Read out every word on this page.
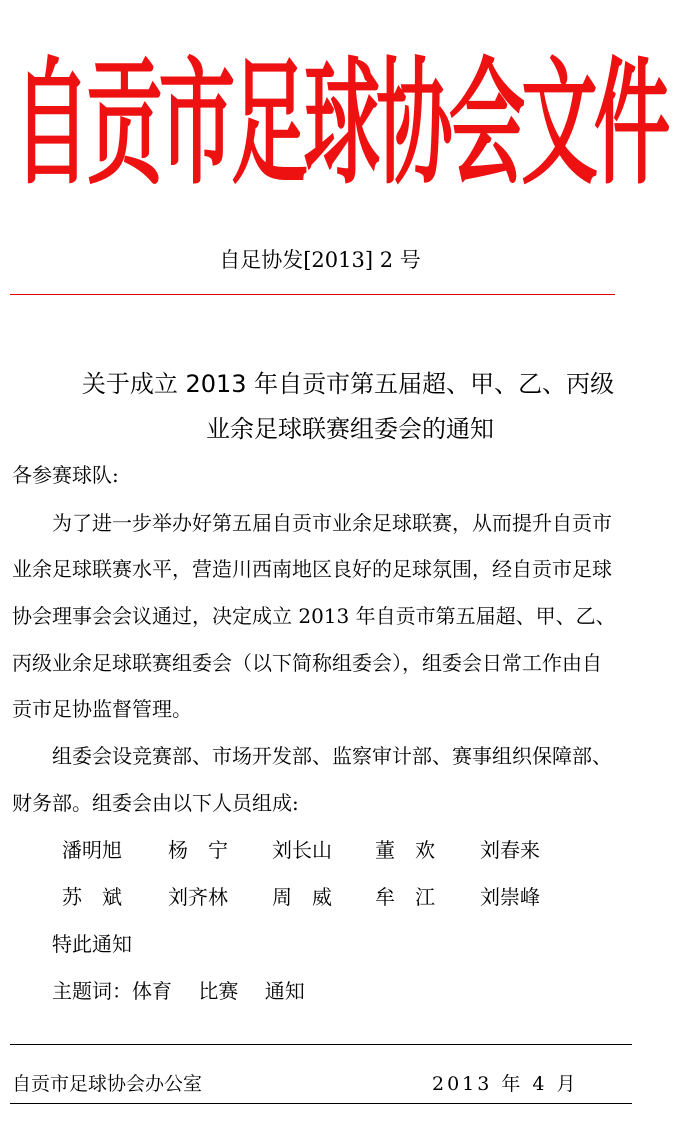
自贡市足球协会文件
自足协发[2013] 2 号
关于成立 2013 年自贡市第五届超、甲、乙、丙级
业余足球联赛组委会的通知
各参赛球队:
为了进一步举办好第五届自贡市业余足球联赛，从而提升自贡市
业余足球联赛水平，营造川西南地区良好的足球氛围，经自贡市足球
协会理事会会议通过，决定成立 2013 年自贡市第五届超、甲、乙、
丙级业余足球联赛组委会（以下简称组委会），组委会日常工作由自
贡市足协监督管理。
组委会设竞赛部、市场开发部、监察审计部、赛事组织保障部、
财务部。组委会由以下人员组成:
潘明旭 杨　宁 刘长山 董　欢 刘春来
苏　斌 刘齐林 周　威 牟　江 刘崇峰
特此通知
主题词：体育　 比赛　 通知
自贡市足球协会办公室	2013 年 4 月
